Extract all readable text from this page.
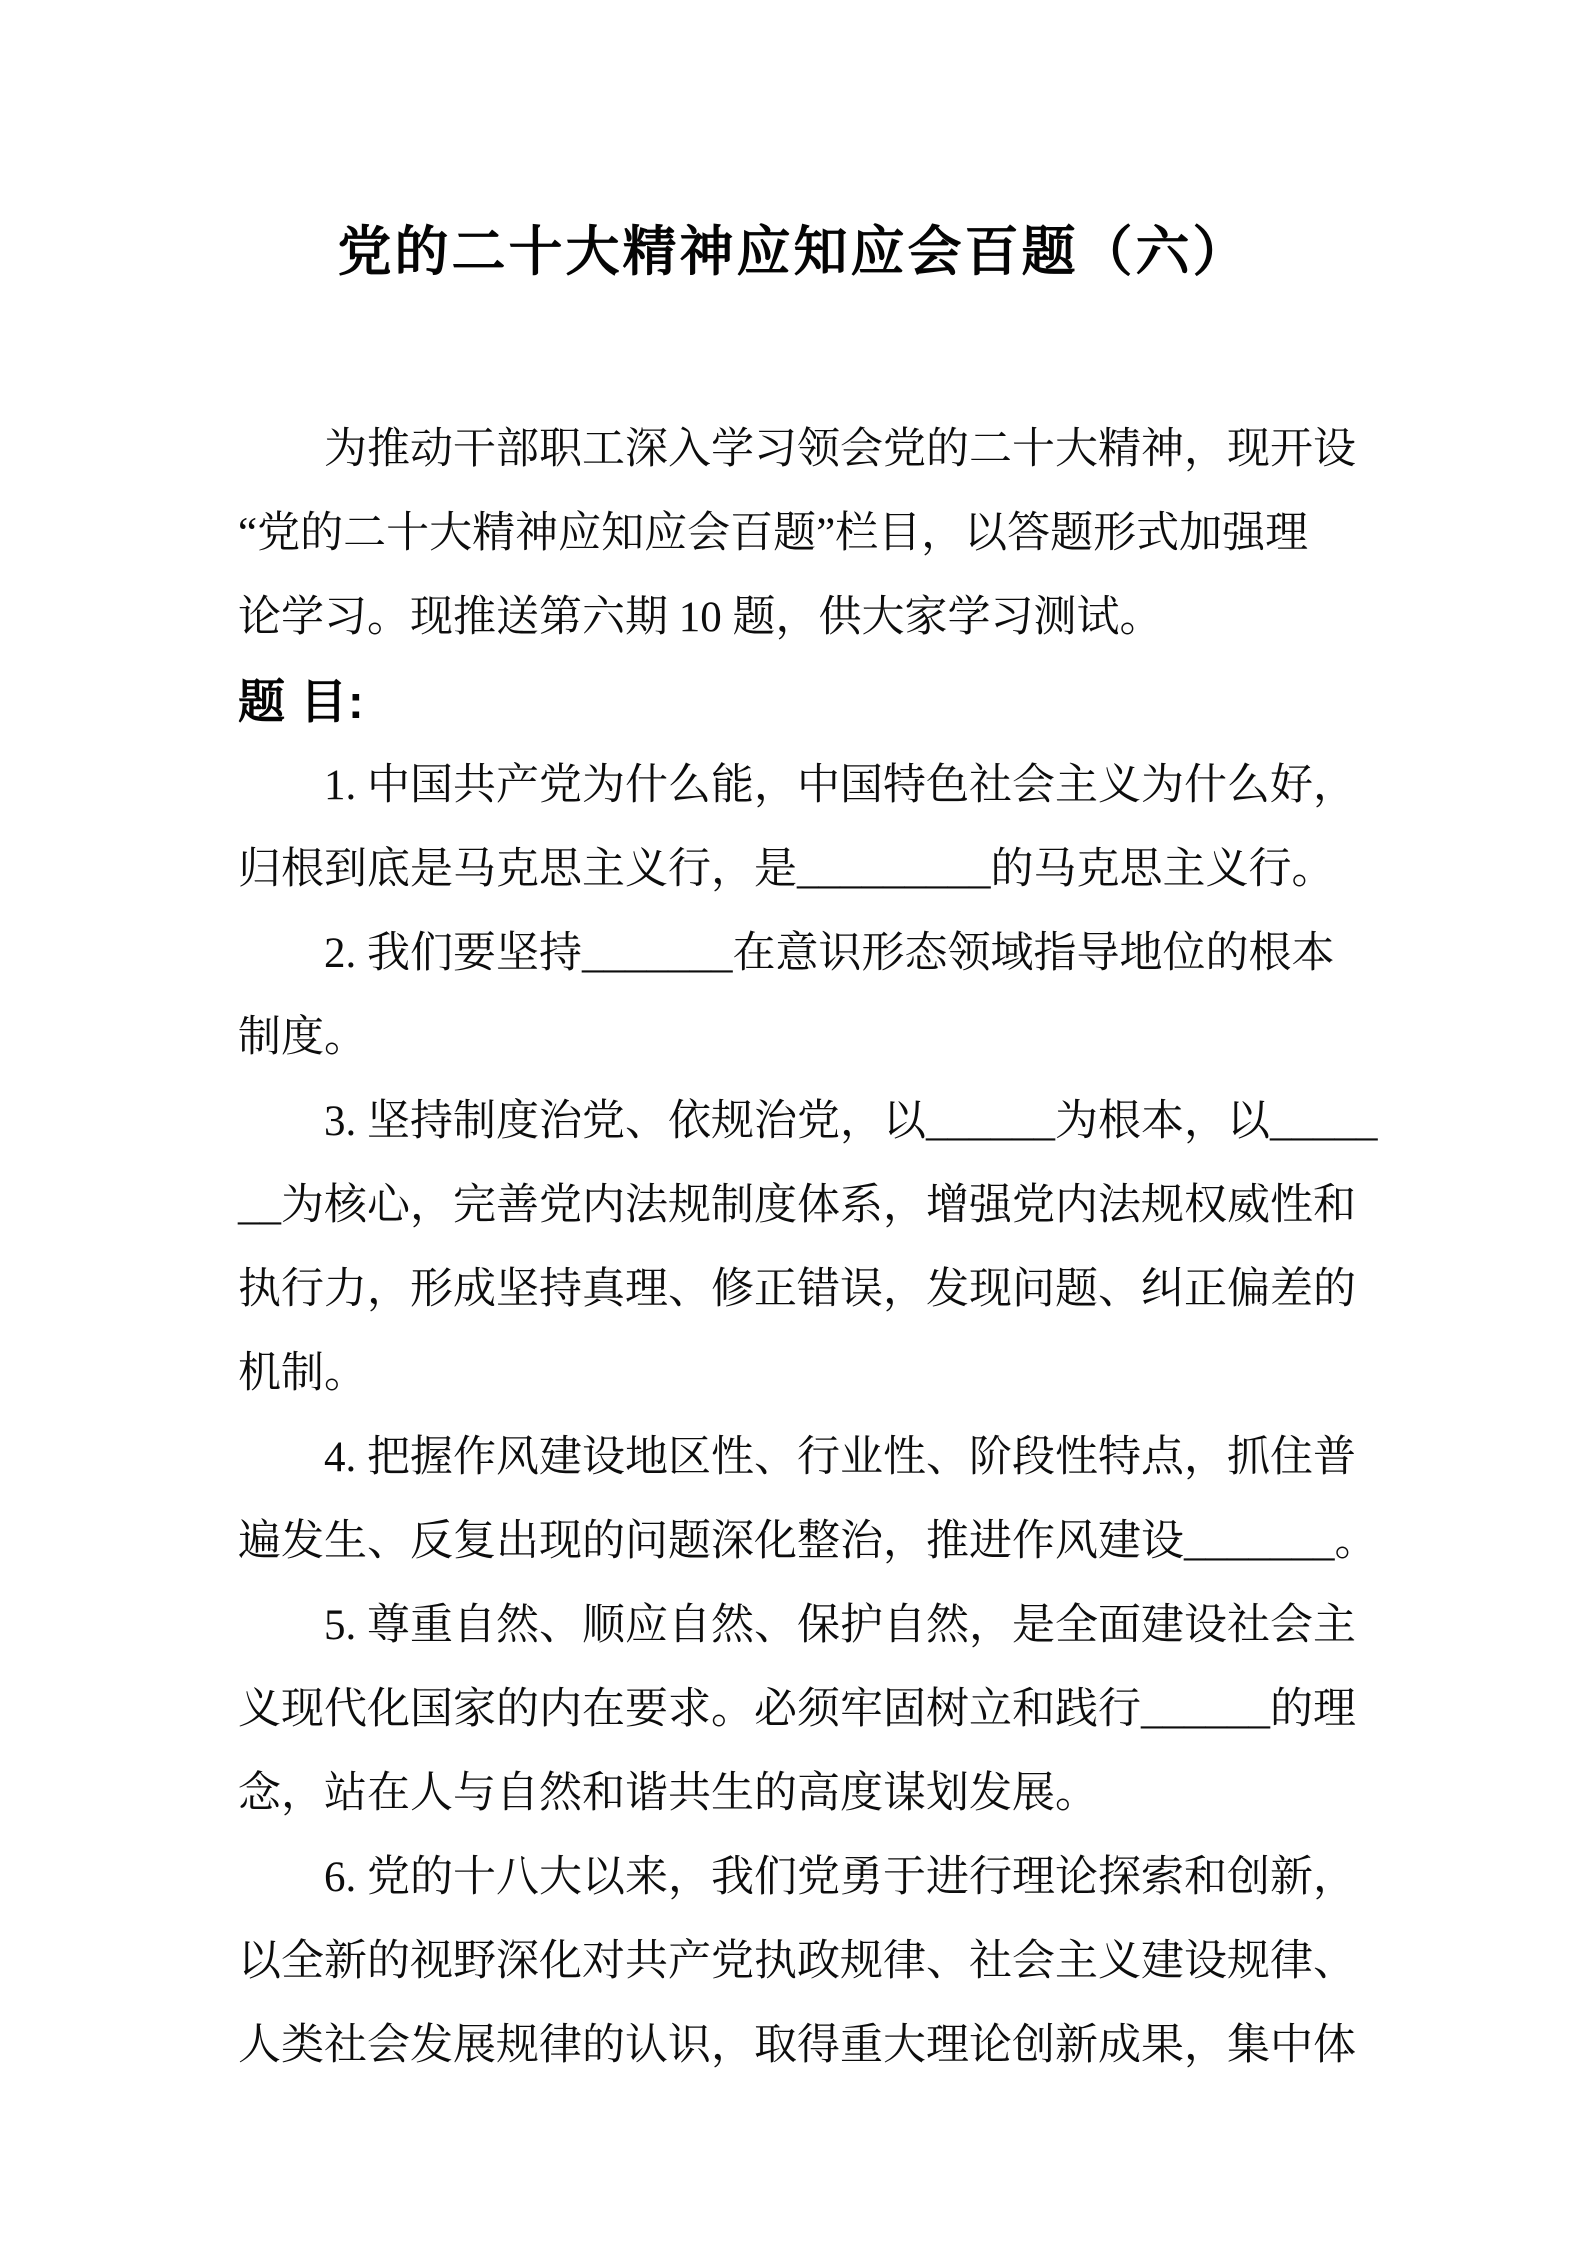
党的二十大精神应知应会百题（六）
为推动干部职工深入学习领会党的二十大精神，现开设
“党的二十大精神应知应会百题”栏目，以答题形式加强理
论学习。现推送第六期 10 题，供大家学习测试。
题 目:
1. 中国共产党为什么能，中国特色社会主义为什么好，
归根到底是马克思主义行，是_________的马克思主义行。
2. 我们要坚持_______在意识形态领域指导地位的根本
制度。
3. 坚持制度治党、依规治党，以______为根本，以_____
__为核心，完善党内法规制度体系，增强党内法规权威性和
执行力，形成坚持真理、修正错误，发现问题、纠正偏差的
机制。
4. 把握作风建设地区性、行业性、阶段性特点，抓住普
遍发生、反复出现的问题深化整治，推进作风建设_______。
5. 尊重自然、顺应自然、保护自然，是全面建设社会主
义现代化国家的内在要求。必须牢固树立和践行______的理
念，站在人与自然和谐共生的高度谋划发展。
6. 党的十八大以来，我们党勇于进行理论探索和创新，
以全新的视野深化对共产党执政规律、社会主义建设规律、
人类社会发展规律的认识，取得重大理论创新成果，集中体
